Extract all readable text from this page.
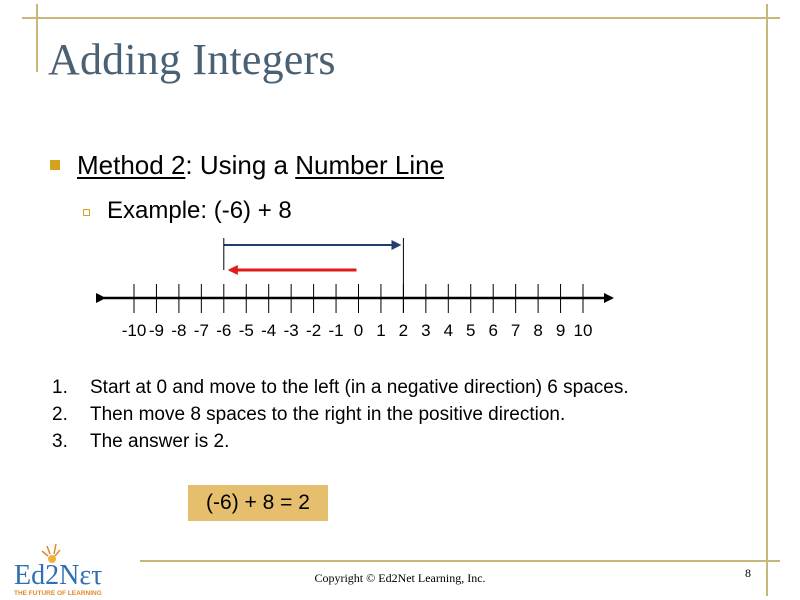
Adding Integers
Method 2: Using a Number Line
Example: (-6) + 8
-10 -9 -8 -7 -6 -5 -4 -3 -2 -1 0 1 2 3 4 5 6 7 8 9 10
1.	Start at 0 and move to the left (in a negative direction) 6 spaces.
2.	Then move 8 spaces to the right in the positive direction.
3.	The answer is 2.
(-6) + 8 = 2
Ed2Nετ
THE FUTURE OF LEARNING
Copyright © Ed2Net Learning, Inc.	8
